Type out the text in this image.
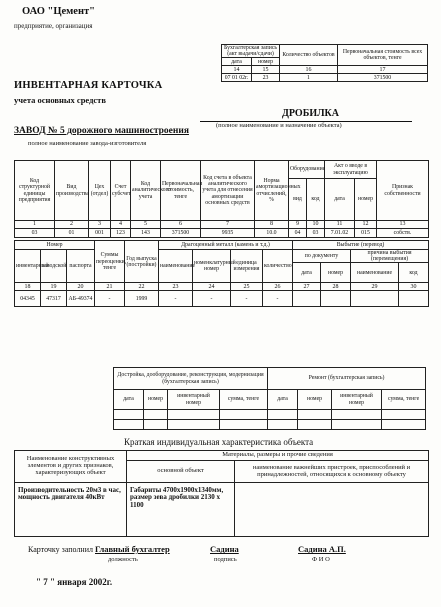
ОАО "Цемент"
предприятие, организация
Бухгалтерская запись (акт выдачи/сдачи)		Количество объектов	Первоначальная стоимость всех объектов, тенге
дата	номер		
14	15	16	17
07 01 02г.	23	1	371500
ИНВЕНТАРНАЯ КАРТОЧКА
учета основных средств
ДРОБИЛКА
(полное наименование и назначение объекта)
ЗАВОД № 5 дорожного машиностроения
полное наименование завода-изготовителя
Код структурной единицы предприятия	Вид производства	Цех (отдел)	Счет субсчет	Код аналитического учета	Первоначальная стоимость, тенге	Код счета в объекта аналитического учета для отнесения амортизации основных средств	Норма амортизационных отчислений, %	Оборудование		Акт о вводе в эксплуатацию		Признак собственности
								вид	код	дата	номер	
1	2	3	4	5	6	7	8	9	10	11	12	13
03	01	001	123	143	371500	9935	10.0	04	03	7.01.02	015	собств.
Номер			Суммы переоценки, тенге	Год выпуска (постройки)	Драгоценный металл (камень и т.д.)				Выбытие (перевод)			
инвентарный	заводской	паспорта			наименование	номенклатурный номер	единица измерения	количество	по документу		причина выбытия (перемещения)	
									дата	номер	наименование	код
18	19	20	21	22	23	24	25	26	27	28	29	30
04345	47317	АБ-49374	-	1999	-	-	-	-				
Достройка, дооборудование, реконструкция, модернизация (бухгалтерская запись)				Ремонт (бухгалтерская запись)			
дата	номер	инвентарный номер	сумма, тенге	дата	номер	инвентарный номер	сумма, тенге

Краткая индивидуальная характеристика объекта
Наименование конструктивных элементов и других признаков, характеризующих объект	Материалы, размеры и прочие сведения	
	основной объект	наименование важнейших пристроек, приспособлений и принадлежностей, относящихся к основному объекту
Производительность 20м3 в час, мощность двигателя 40кВт	Габариты 4700х1900х1340мм, размер зева дробилки 2130 х 1100	
Карточку заполнил Главный бухгалтер	Садина	Садина А.П.
должность	подпись	Ф И О
" 7 " января 2002г.
